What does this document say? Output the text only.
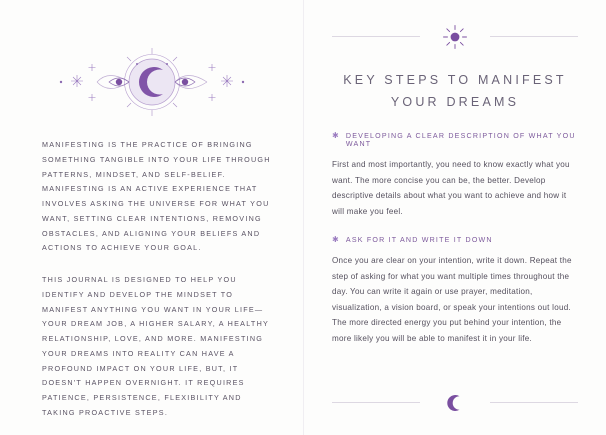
MANIFESTING IS THE PRACTICE OF BRINGING SOMETHING TANGIBLE INTO YOUR LIFE THROUGH PATTERNS, MINDSET, AND SELF-BELIEF. MANIFESTING IS AN ACTIVE EXPERIENCE THAT INVOLVES ASKING THE UNIVERSE FOR WHAT YOU WANT, SETTING CLEAR INTENTIONS, REMOVING OBSTACLES, AND ALIGNING YOUR BELIEFS AND ACTIONS TO ACHIEVE YOUR GOAL.

THIS JOURNAL IS DESIGNED TO HELP YOU IDENTIFY AND DEVELOP THE MINDSET TO MANIFEST ANYTHING YOU WANT IN YOUR LIFE—YOUR DREAM JOB, A HIGHER SALARY, A HEALTHY RELATIONSHIP, LOVE, AND MORE. MANIFESTING YOUR DREAMS INTO REALITY CAN HAVE A PROFOUND IMPACT ON YOUR LIFE, BUT, IT DOESN'T HAPPEN OVERNIGHT. IT REQUIRES PATIENCE, PERSISTENCE, FLEXIBILITY AND TAKING PROACTIVE STEPS.

KEY STEPS TO MANIFEST
YOUR DREAMS
✱ DEVELOPING A CLEAR DESCRIPTION OF WHAT YOU WANT

First and most importantly, you need to know exactly what you want. The more concise you can be, the better. Develop descriptive details about what you want to achieve and how it will make you feel.

✱ ASK FOR IT AND WRITE IT DOWN

Once you are clear on your intention, write it down. Repeat the step of asking for what you want multiple times throughout the day. You can write it again or use prayer, meditation, visualization, a vision board, or speak your intentions out loud. The more directed energy you put behind your intention, the more likely you will be able to manifest it in your life.
